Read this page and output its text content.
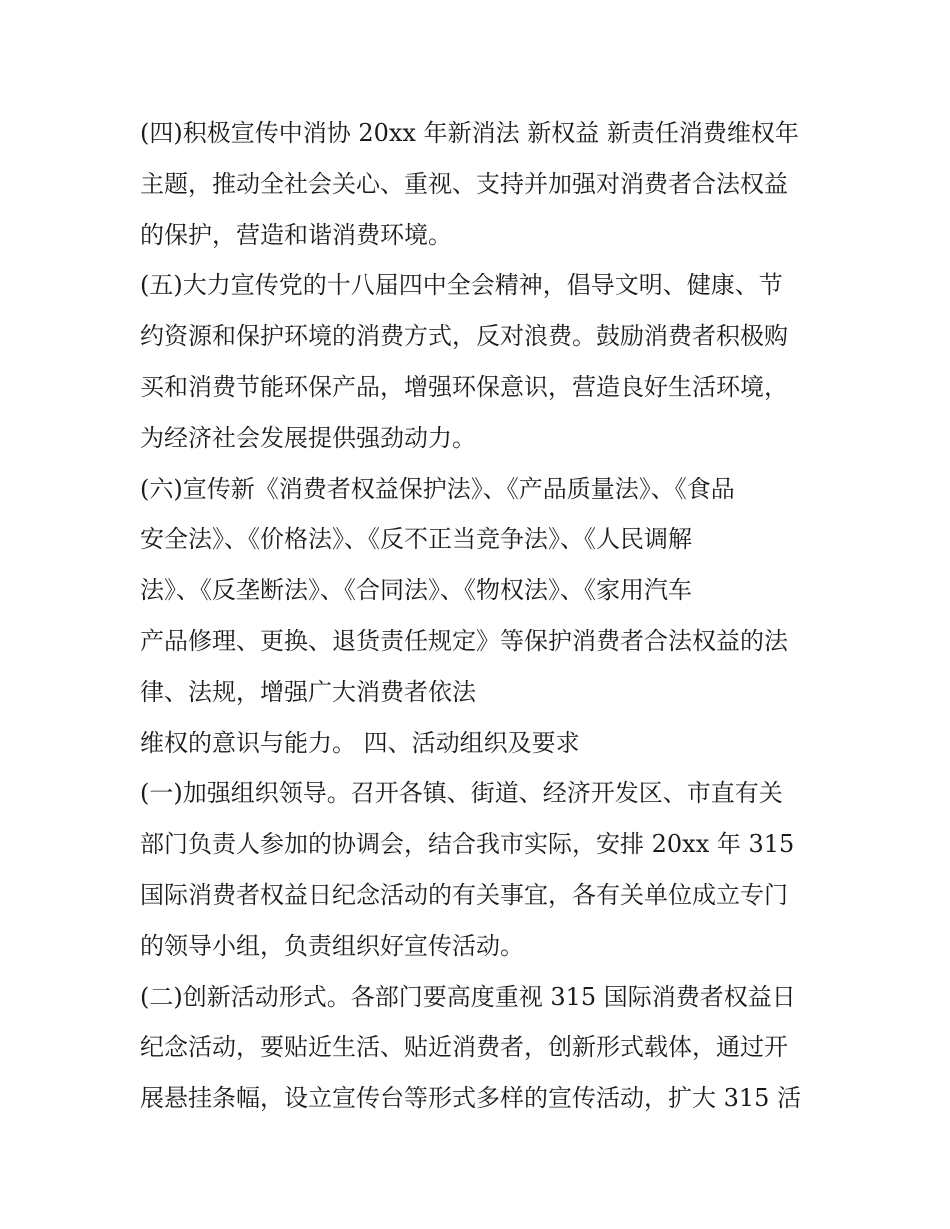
(四)积极宣传中消协 20xx 年新消法 新权益 新责任消费维权年
主题，推动全社会关心、重视、支持并加强对消费者合法权益
的保护，营造和谐消费环境。
(五)大力宣传党的十八届四中全会精神，倡导文明、健康、节
约资源和保护环境的消费方式，反对浪费。鼓励消费者积极购
买和消费节能环保产品，增强环保意识，营造良好生活环境，
为经济社会发展提供强劲动力。
(六)宣传新《消费者权益保护法》、《产品质量法》、《食品
安全法》、《价格法》、《反不正当竞争法》、《人民调解
法》、《反垄断法》、《合同法》、《物权法》、《家用汽车
产品修理、更换、退货责任规定》等保护消费者合法权益的法
律、法规，增强广大消费者依法
维权的意识与能力。 四、活动组织及要求
(一)加强组织领导。召开各镇、街道、经济开发区、市直有关
部门负责人参加的协调会，结合我市实际，安排 20xx 年 315
国际消费者权益日纪念活动的有关事宜，各有关单位成立专门
的领导小组，负责组织好宣传活动。
(二)创新活动形式。各部门要高度重视 315 国际消费者权益日
纪念活动，要贴近生活、贴近消费者，创新形式载体，通过开
展悬挂条幅，设立宣传台等形式多样的宣传活动，扩大 315 活
